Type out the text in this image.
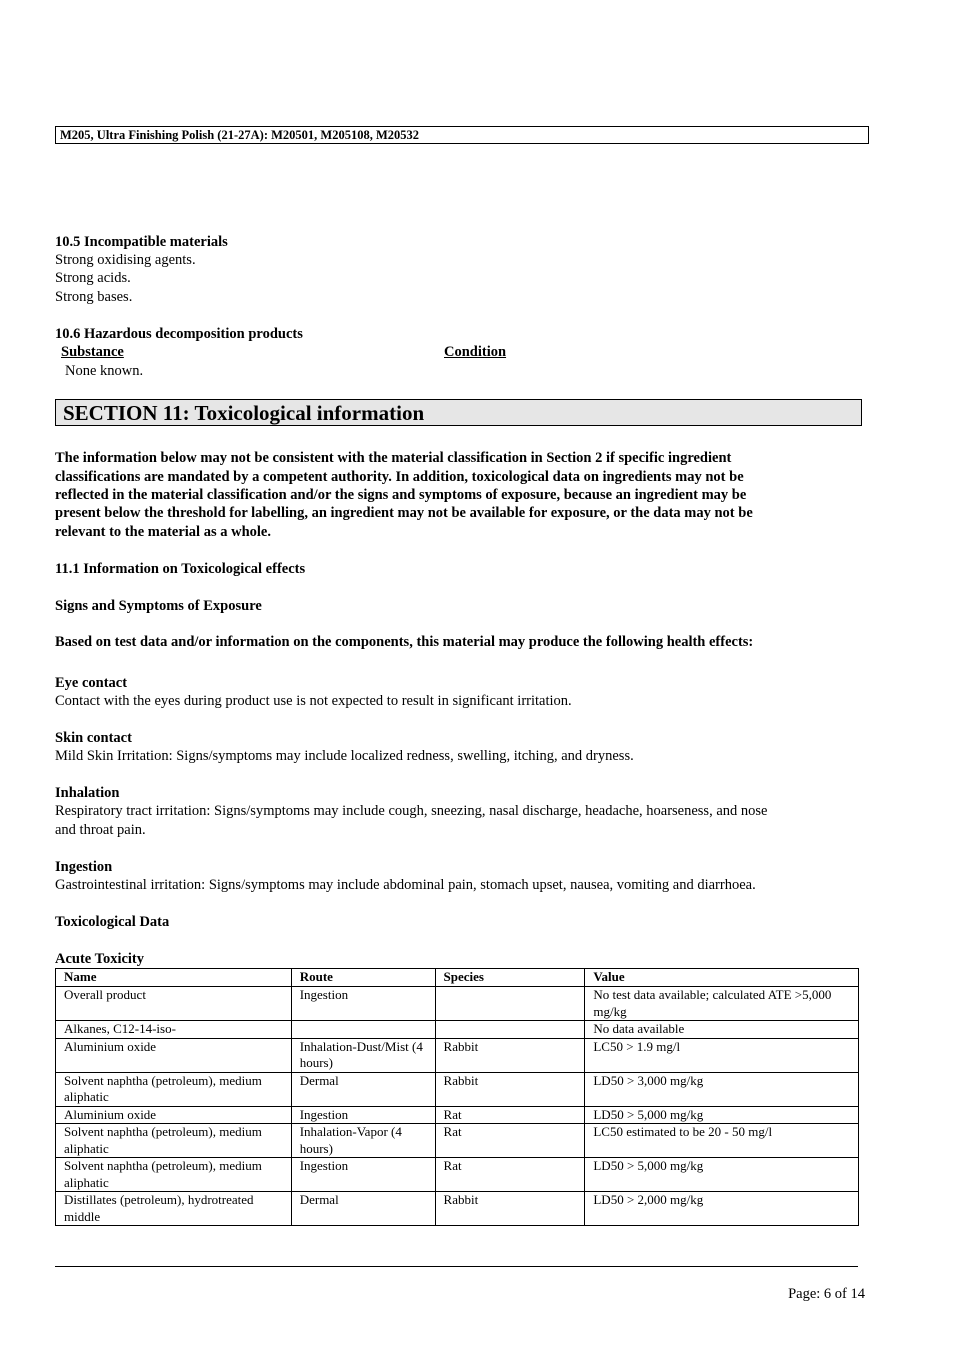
M205, Ultra Finishing Polish (21-27A): M20501, M205108, M20532
10.5 Incompatible materials
Strong oxidising agents.
Strong acids.
Strong bases.
10.6 Hazardous decomposition products
Substance	Condition
None known.
SECTION 11: Toxicological information
The information below may not be consistent with the material classification in Section 2 if specific ingredient
classifications are mandated by a competent authority. In addition, toxicological data on ingredients may not be
reflected in the material classification and/or the signs and symptoms of exposure, because an ingredient may be
present below the threshold for labelling, an ingredient may not be available for exposure, or the data may not be
relevant to the material as a whole.
11.1 Information on Toxicological effects
Signs and Symptoms of Exposure
Based on test data and/or information on the components, this material may produce the following health effects:
Eye contact
Contact with the eyes during product use is not expected to result in significant irritation.
Skin contact
Mild Skin Irritation: Signs/symptoms may include localized redness, swelling, itching, and dryness.
Inhalation
Respiratory tract irritation: Signs/symptoms may include cough, sneezing, nasal discharge, headache, hoarseness, and nose
and throat pain.
Ingestion
Gastrointestinal irritation: Signs/symptoms may include abdominal pain, stomach upset, nausea, vomiting and diarrhoea.
Toxicological Data
Acute Toxicity
Name	Route	Species	Value
Overall product	Ingestion		No test data available; calculated ATE >5,000 mg/kg
Alkanes, C12-14-iso-			No data available
Aluminium oxide	Inhalation-Dust/Mist (4 hours)	Rabbit	LC50 > 1.9 mg/l
Solvent naphtha (petroleum), medium aliphatic	Dermal	Rabbit	LD50 > 3,000 mg/kg
Aluminium oxide	Ingestion	Rat	LD50 > 5,000 mg/kg
Solvent naphtha (petroleum), medium aliphatic	Inhalation-Vapor (4 hours)	Rat	LC50 estimated to be 20 - 50 mg/l
Solvent naphtha (petroleum), medium aliphatic	Ingestion	Rat	LD50 > 5,000 mg/kg
Distillates (petroleum), hydrotreated middle	Dermal	Rabbit	LD50 > 2,000 mg/kg
Page: 6 of 14
